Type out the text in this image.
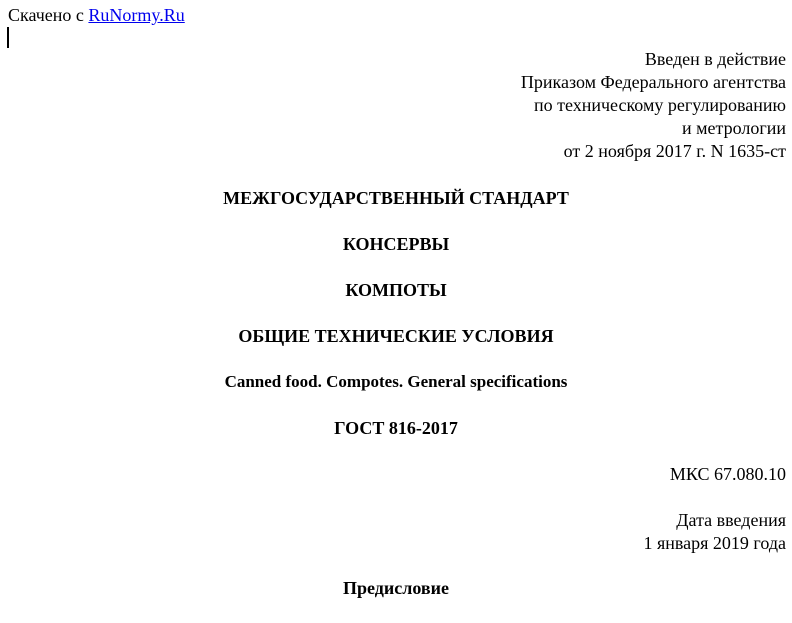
Скачено с RuNormy.Ru
Введен в действие
Приказом Федерального агентства
по техническому регулированию
и метрологии
от 2 ноября 2017 г. N 1635-ст
МЕЖГОСУДАРСТВЕННЫЙ СТАНДАРТ
КОНСЕРВЫ
КОМПОТЫ
ОБЩИЕ ТЕХНИЧЕСКИЕ УСЛОВИЯ
Canned food. Compotes. General specifications
ГОСТ 816-2017
МКС 67.080.10
Дата введения
1 января 2019 года
Предисловие
